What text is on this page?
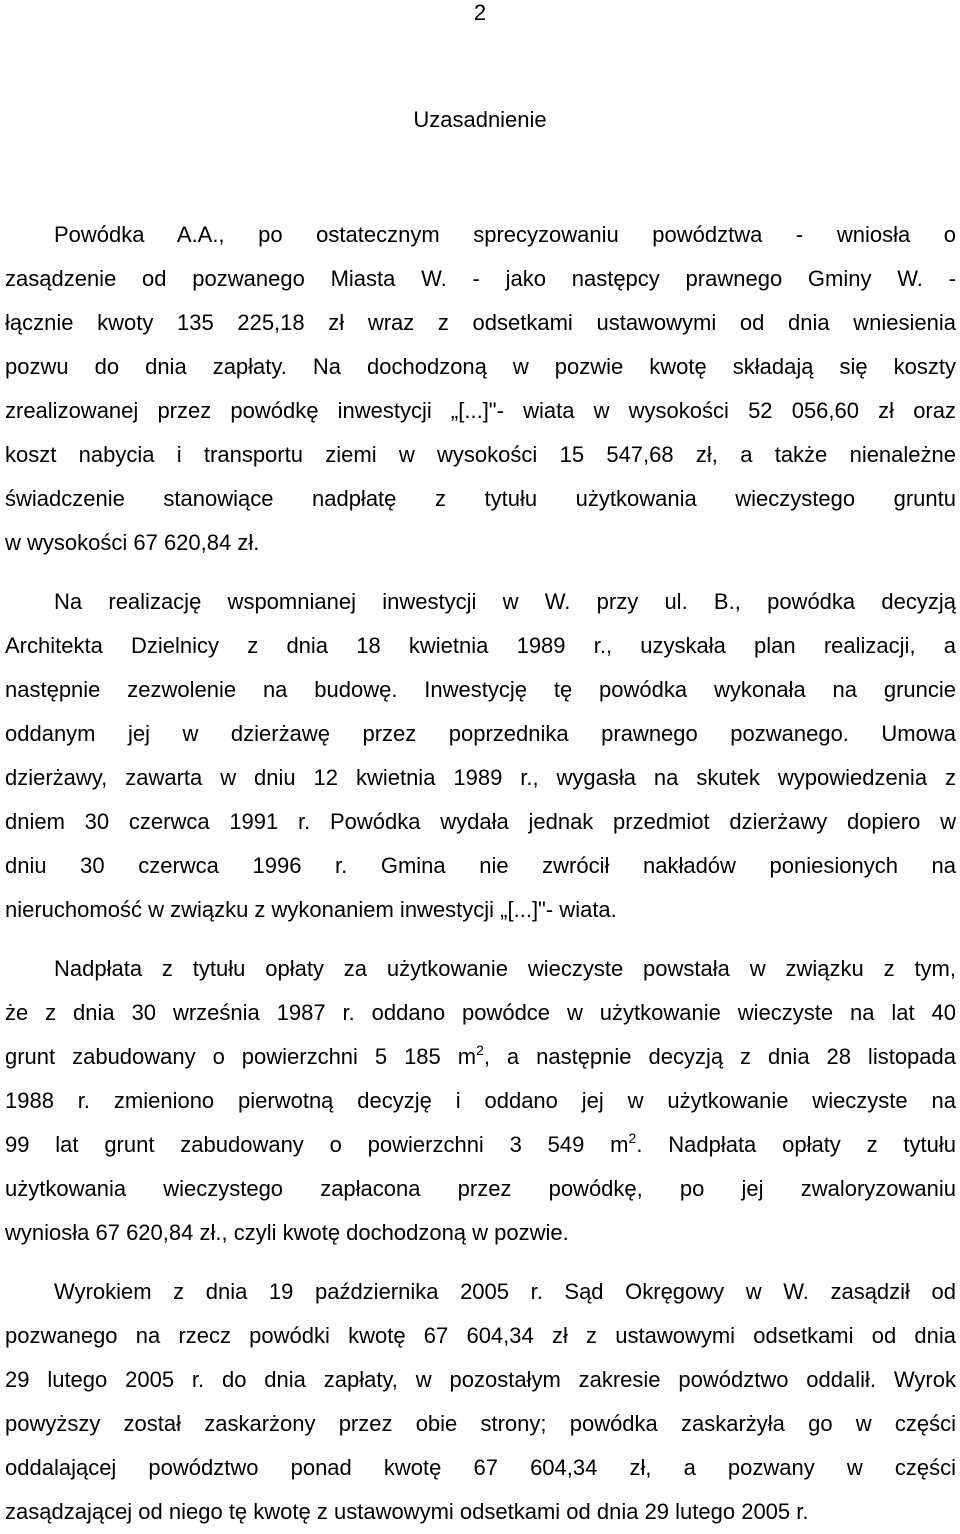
2
Uzasadnienie

Powódka A.A., po ostatecznym sprecyzowaniu powództwa - wniosła o
zasądzenie od pozwanego Miasta W. - jako następcy prawnego Gminy W. -
łącznie kwoty 135 225,18 zł wraz z odsetkami ustawowymi od dnia wniesienia
pozwu do dnia zapłaty. Na dochodzoną w pozwie kwotę składają się koszty
zrealizowanej przez powódkę inwestycji „[...]"- wiata w wysokości 52 056,60 zł oraz
koszt nabycia i transportu ziemi w wysokości 15 547,68 zł, a także nienależne
świadczenie stanowiące nadpłatę z tytułu użytkowania wieczystego gruntu
w wysokości 67 620,84 zł.

Na realizację wspomnianej inwestycji w W. przy ul. B., powódka decyzją
Architekta Dzielnicy z dnia 18 kwietnia 1989 r., uzyskała plan realizacji, a
następnie zezwolenie na budowę. Inwestycję tę powódka wykonała na gruncie
oddanym jej w dzierżawę przez poprzednika prawnego pozwanego. Umowa
dzierżawy, zawarta w dniu 12 kwietnia 1989 r., wygasła na skutek wypowiedzenia z
dniem 30 czerwca 1991 r. Powódka wydała jednak przedmiot dzierżawy dopiero w
dniu 30 czerwca 1996 r. Gmina nie zwrócił nakładów poniesionych na
nieruchomość w związku z wykonaniem inwestycji „[...]"- wiata.

Nadpłata z tytułu opłaty za użytkowanie wieczyste powstała w związku z tym,
że z dnia 30 września 1987 r. oddano powódce w użytkowanie wieczyste na lat 40
grunt zabudowany o powierzchni 5 185 $m^2$, a następnie decyzją z dnia 28 listopada
1988 r. zmieniono pierwotną decyzję i oddano jej w użytkowanie wieczyste na
99 lat grunt zabudowany o powierzchni 3 549 $m^2$. Nadpłata opłaty z tytułu
użytkowania wieczystego zapłacona przez powódkę, po jej zwaloryzowaniu
wyniosła 67 620,84 zł., czyli kwotę dochodzoną w pozwie.

Wyrokiem z dnia 19 października 2005 r. Sąd Okręgowy w W. zasądził od
pozwanego na rzecz powódki kwotę 67 604,34 zł z ustawowymi odsetkami od dnia
29 lutego 2005 r. do dnia zapłaty, w pozostałym zakresie powództwo oddalił. Wyrok
powyższy został zaskarżony przez obie strony; powódka zaskarżyła go w części
oddalającej powództwo ponad kwotę 67 604,34 zł, a pozwany w części
zasądzającej od niego tę kwotę z ustawowymi odsetkami od dnia 29 lutego 2005 r.
